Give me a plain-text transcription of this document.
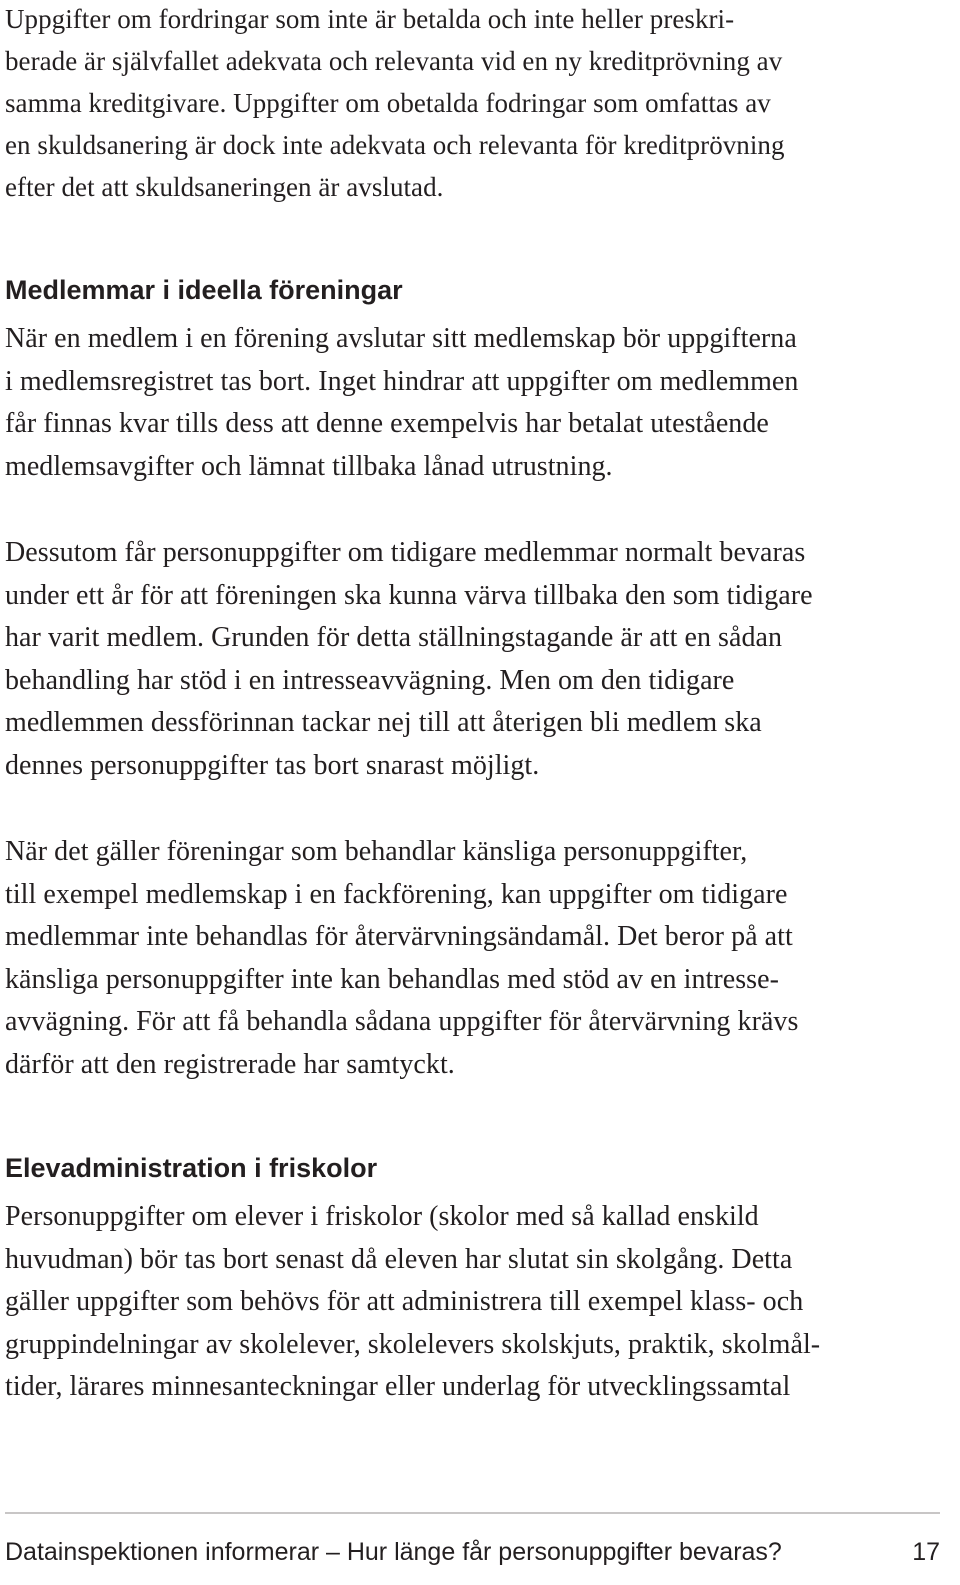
Uppgifter om fordringar som inte är betalda och inte heller preskri-
berade är självfallet adekvata och relevanta vid en ny kreditprövning av
samma kreditgivare. Uppgifter om obetalda fodringar som omfattas av
en skuldsanering är dock inte adekvata och relevanta för kreditprövning
efter det att skuldsaneringen är avslutad.

Medlemmar i ideella föreningar

När en medlem i en förening avslutar sitt medlemskap bör uppgifterna
i medlemsregistret tas bort. Inget hindrar att uppgifter om medlemmen
får finnas kvar tills dess att denne exempelvis har betalat utestående
medlemsavgifter och lämnat tillbaka lånad utrustning.

Dessutom får personuppgifter om tidigare medlemmar normalt bevaras
under ett år för att föreningen ska kunna värva tillbaka den som tidigare
har varit medlem. Grunden för detta ställningstagande är att en sådan
behandling har stöd i en intresseavvägning. Men om den tidigare
medlemmen dessförinnan tackar nej till att återigen bli medlem ska
dennes personuppgifter tas bort snarast möjligt.

När det gäller föreningar som behandlar känsliga personuppgifter,
till exempel medlemskap i en fackförening, kan uppgifter om tidigare
medlemmar inte behandlas för återvärvningsändamål. Det beror på att
känsliga personuppgifter inte kan behandlas med stöd av en intresse-
avvägning. För att få behandla sådana uppgifter för återvärvning krävs
därför att den registrerade har samtyckt.

Elevadministration i friskolor

Personuppgifter om elever i friskolor (skolor med så kallad enskild
huvudman) bör tas bort senast då eleven har slutat sin skolgång. Detta
gäller uppgifter som behövs för att administrera till exempel klass- och
gruppindelningar av skolelever, skolelevers skolskjuts, praktik, skolmål-
tider, lärares minnesanteckningar eller underlag för utvecklingssamtal

Datainspektionen informerar – Hur länge får personuppgifter bevaras?	17
